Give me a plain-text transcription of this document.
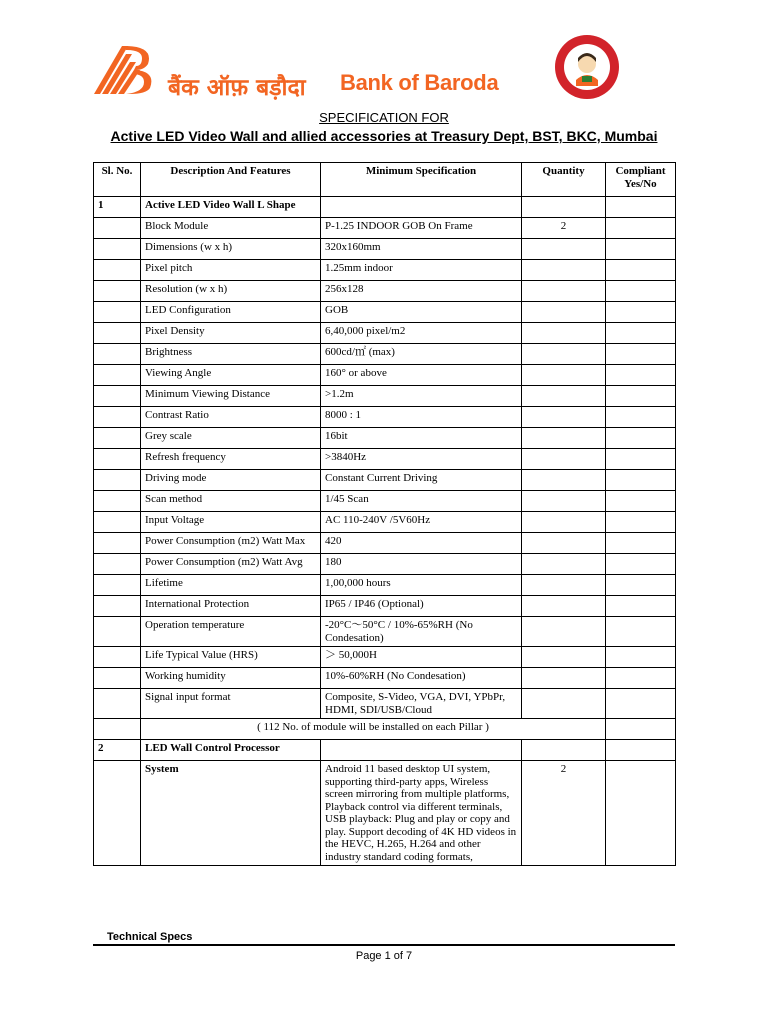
बैंक ऑफ़ बड़ौदा Bank of Baroda
SPECIFICATION FOR
Active LED Video Wall and allied accessories at Treasury Dept, BST, BKC, Mumbai
Sl. No.	Description And Features	Minimum Specification	Quantity	Compliant Yes/No
1	Active LED Video Wall L Shape			
	Block Module	P-1.25 INDOOR GOB On Frame	2	
	Dimensions (w x h)	320x160mm		
	Pixel pitch	1.25mm indoor		
	Resolution (w x h)	256x128		
	LED Configuration	GOB		
	Pixel Density	6,40,000 pixel/m2		
	Brightness	600cd/㎡ (max)		
	Viewing Angle	160° or above		
	Minimum Viewing Distance	>1.2m		
	Contrast Ratio	8000 : 1		
	Grey scale	16bit		
	Refresh frequency	>3840Hz		
	Driving mode	Constant Current Driving		
	Scan method	1/45 Scan		
	Input Voltage	AC 110-240V /5V60Hz		
	Power Consumption (m2) Watt Max	420		
	Power Consumption (m2) Watt Avg	180		
	Lifetime	1,00,000 hours		
	International Protection	IP65 / IP46 (Optional)		
	Operation temperature	-20°C～50°C / 10%-65%RH (No Condesation)		
	Life Typical Value (HRS)	＞ 50,000H		
	Working humidity	10%-60%RH (No Condesation)		
	Signal input format	Composite, S-Video, VGA, DVI, YPbPr, HDMI, SDI/USB/Cloud		
	( 112 No. of module will be installed on each Pillar )			
2	LED Wall Control Processor			
	System	Android 11 based desktop UI system, supporting third-party apps, Wireless screen mirroring from multiple platforms, Playback control via different terminals, USB playback: Plug and play or copy and play. Support decoding of 4K HD videos in the HEVC, H.265, H.264 and other industry standard coding formats,	2	
Technical Specs
Page 1 of 7
